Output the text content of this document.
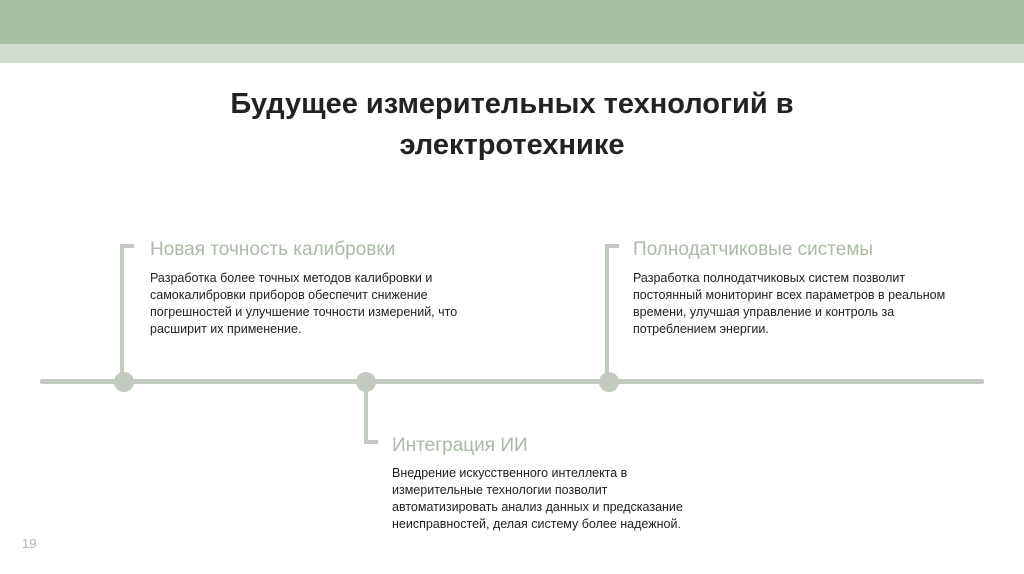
Будущее измерительных технологий в
электротехнике
Новая точность калибровки
Разработка более точных методов калибровки и
самокалибровки приборов обеспечит снижение
погрешностей и улучшение точности измерений, что
расширит их применение.
Интеграция ИИ
Внедрение искусственного интеллекта в
измерительные технологии позволит
автоматизировать анализ данных и предсказание
неисправностей, делая систему более надежной.
Полнодатчиковые системы
Разработка полнодатчиковых систем позволит
постоянный мониторинг всех параметров в реальном
времени, улучшая управление и контроль за
потреблением энергии.
19
